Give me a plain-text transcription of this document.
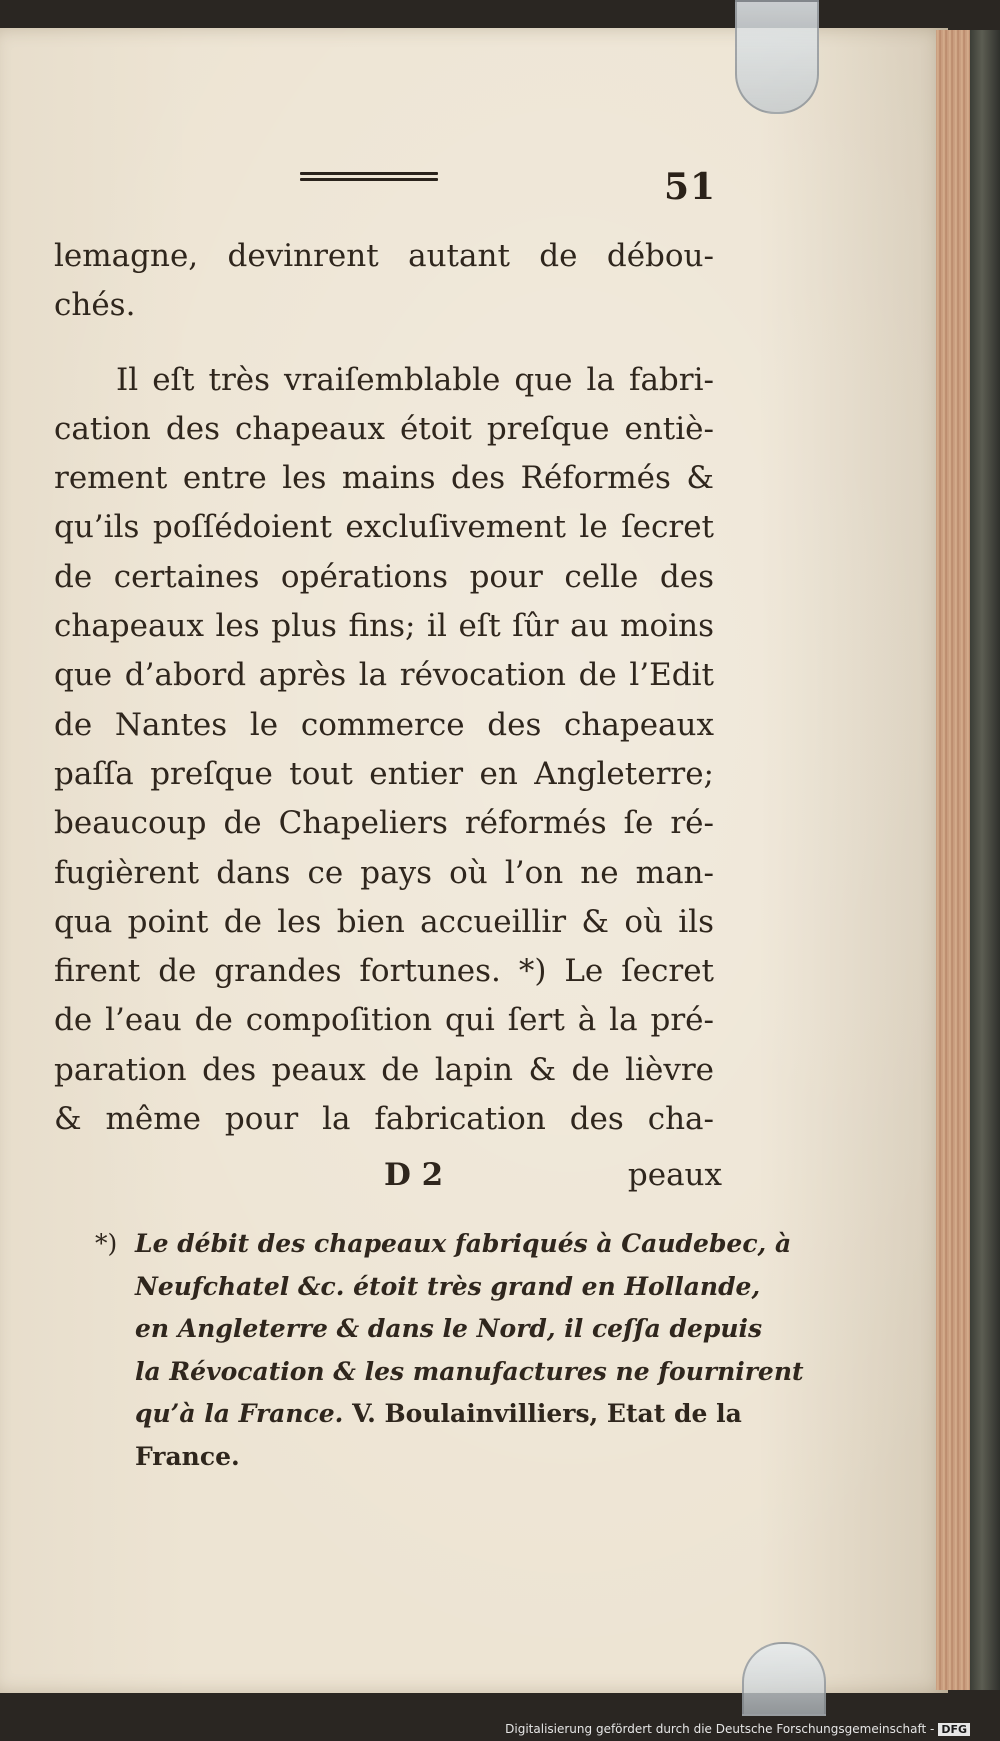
51
lemagne, devinrent autant de débou-
chés.
Il eſt très vraiſemblable que la fabri-
cation des chapeaux étoit preſque entiè-
rement entre les mains des Réformés &
qu’ils poſſédoient excluſivement le ſecret
de certaines opérations pour celle des
chapeaux les plus fins; il eſt ſûr au moins
que d’abord après la révocation de l’Edit
de Nantes le commerce des chapeaux
paſſa preſque tout entier en Angleterre;
beaucoup de Chapeliers réformés ſe ré-
fugièrent dans ce pays où l’on ne man-
qua point de les bien accueillir & où ils
firent de grandes fortunes. *) Le ſecret
de l’eau de compoſition qui ſert à la pré-
paration des peaux de lapin & de lièvre
& même pour la fabrication des cha-
D 2	peaux
*) Le débit des chapeaux fabriqués à Caudebec, à
Neufchatel &c. étoit très grand en Hollande,
en Angleterre & dans le Nord, il ceſſa depuis
la Révocation & les manufactures ne fournirent
qu’à la France. V. Boulainvilliers, Etat de la
France.
Digitalisierung gefördert durch die Deutsche Forschungsgemeinschaft - DFG
